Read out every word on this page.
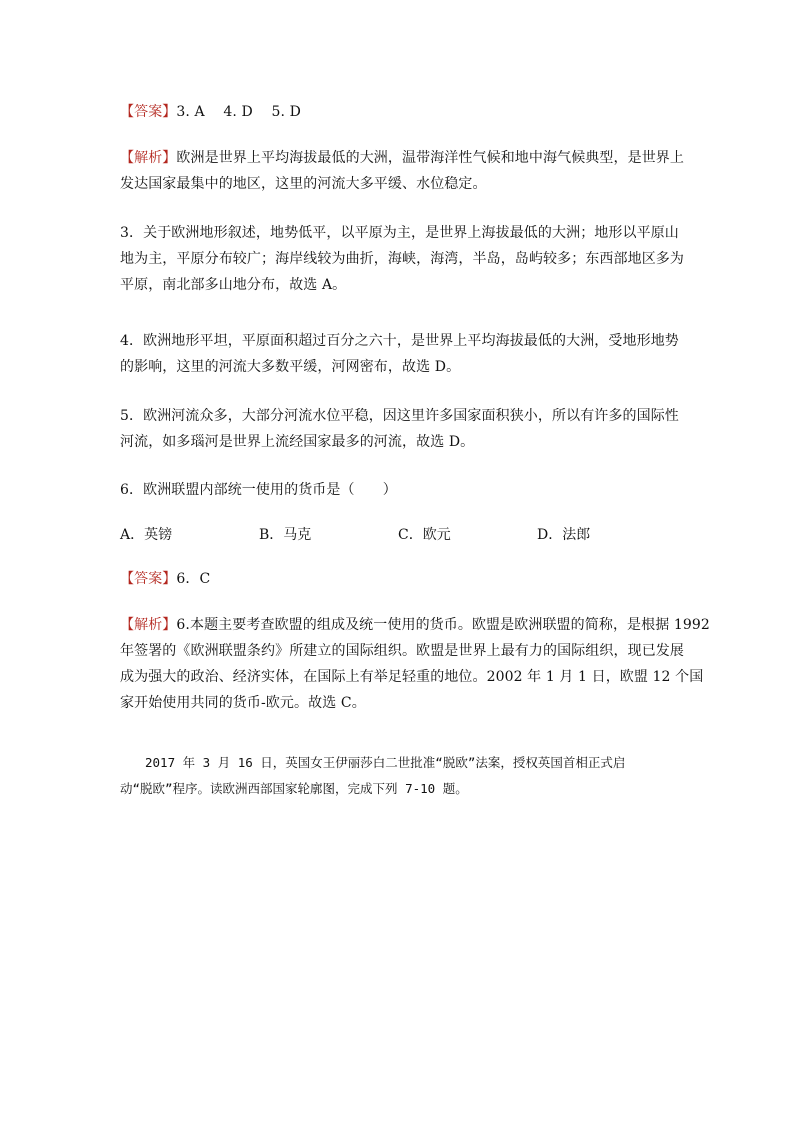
【答案】3. A　 4. D　 5. D
【解析】欧洲是世界上平均海拔最低的大洲，温带海洋性气候和地中海气候典型，是世界上
发达国家最集中的地区，这里的河流大多平缓、水位稳定。
3．关于欧洲地形叙述，地势低平，以平原为主，是世界上海拔最低的大洲；地形以平原山
地为主，平原分布较广；海岸线较为曲折，海峡，海湾，半岛，岛屿较多；东西部地区多为
平原，南北部多山地分布，故选 A。
4．欧洲地形平坦，平原面积超过百分之六十，是世界上平均海拔最低的大洲，受地形地势
的影响，这里的河流大多数平缓，河网密布，故选 D。
5．欧洲河流众多，大部分河流水位平稳，因这里许多国家面积狭小，所以有许多的国际性
河流，如多瑙河是世界上流经国家最多的河流，故选 D。
6．欧洲联盟内部统一使用的货币是（　　）
A．英镑	B．马克	C．欧元	D．法郎
【答案】6．C
【解析】6.本题主要考查欧盟的组成及统一使用的货币。欧盟是欧洲联盟的简称，是根据 1992
年签署的《欧洲联盟条约》所建立的国际组织。欧盟是世界上最有力的国际组织，现已发展
成为强大的政治、经济实体，在国际上有举足轻重的地位。2002 年 1 月 1 日，欧盟 12 个国
家开始使用共同的货币-欧元。故选 C。
　　2017 年 3 月 16 日，英国女王伊丽莎白二世批准“脱欧”法案，授权英国首相正式启
动“脱欧”程序。读欧洲西部国家轮廓图，完成下列 7-10 题。
